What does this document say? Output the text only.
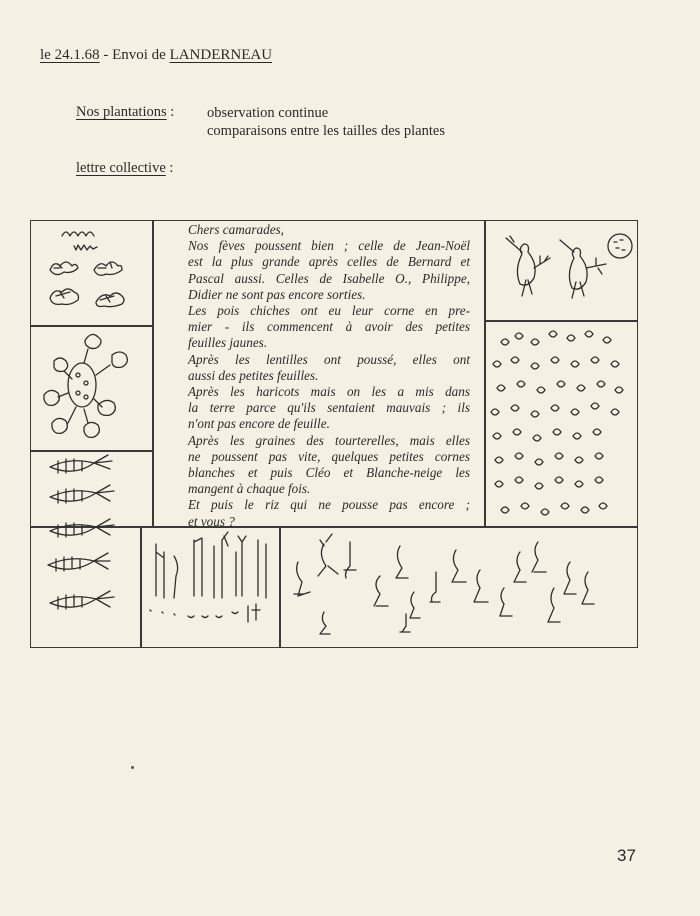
le 24.1.68 - Envoi de LANDERNEAU
Nos plantations : observation continue
comparaisons entre les tailles des plantes
lettre collective :

Chers camarades,

Nos fèves poussent bien ; celle de Jean-Noël
est la plus grande après celles de Bernard et
Pascal aussi. Celles de Isabelle O., Philippe,
Didier ne sont pas encore sorties.

Les pois chiches ont eu leur corne en pre-
mier - ils commencent à avoir des petites
feuilles jaunes.

Après les lentilles ont poussé, elles ont
aussi des petites feuilles.

Après les haricots mais on les a mis dans
la terre parce qu'ils sentaient mauvais ; ils
n'ont pas encore de feuille.

Après les graines des tourterelles, mais elles
ne poussent pas vite, quelques petites cornes
blanches et puis Cléo et Blanche-neige les
mangent à chaque fois.

Et puis le riz qui ne pousse pas encore ;
et vous ?

37
